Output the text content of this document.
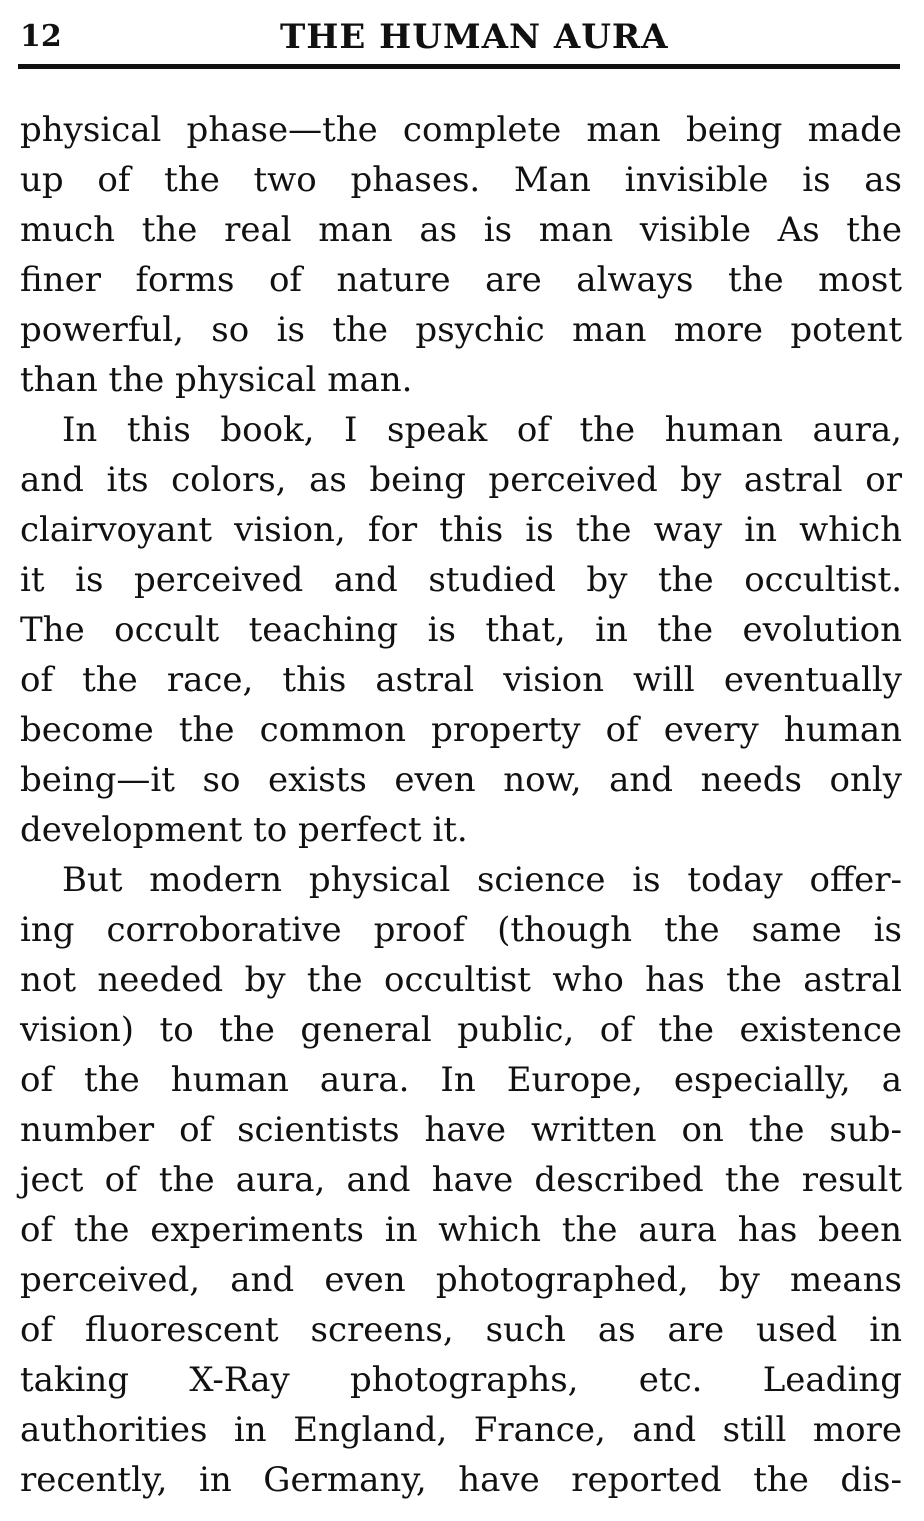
12	THE HUMAN AURA
physical phase—the complete man being made
up of the two phases. Man invisible is as
much the real man as is man visible As the
finer forms of nature are always the most
powerful, so is the psychic man more potent
than the physical man.
In this book, I speak of the human aura,
and its colors, as being perceived by astral or
clairvoyant vision, for this is the way in which
it is perceived and studied by the occultist.
The occult teaching is that, in the evolution
of the race, this astral vision will eventually
become the common property of every human
being—it so exists even now, and needs only
development to perfect it.
But modern physical science is today offer-
ing corroborative proof (though the same is
not needed by the occultist who has the astral
vision) to the general public, of the existence
of the human aura. In Europe, especially, a
number of scientists have written on the sub-
ject of the aura, and have described the result
of the experiments in which the aura has been
perceived, and even photographed, by means
of fluorescent screens, such as are used in
taking X-Ray photographs, etc. Leading
authorities in England, France, and still more
recently, in Germany, have reported the dis-
